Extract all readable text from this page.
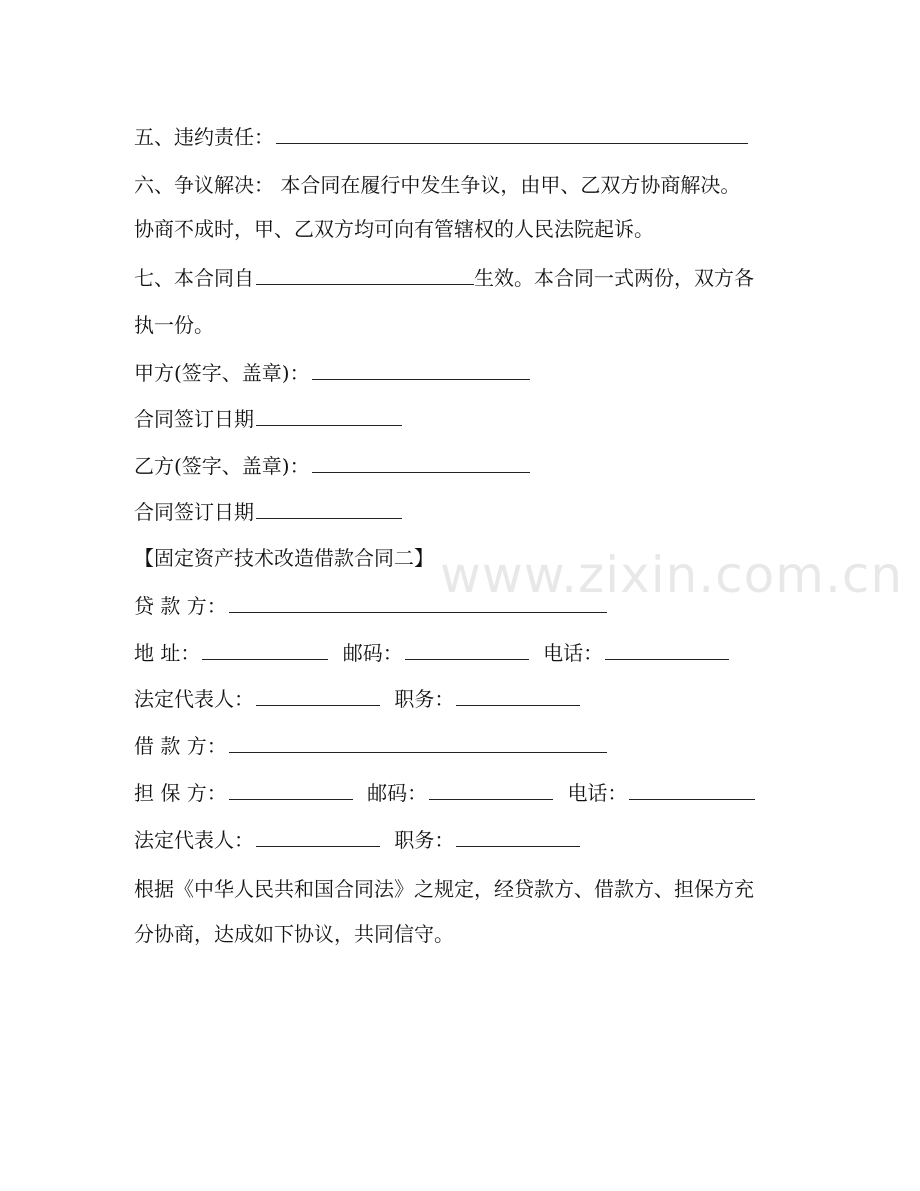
www.zixin.com.cn
五、违约责任：
六、争议解决： 本合同在履行中发生争议，由甲、乙双方协商解决。
协商不成时，甲、乙双方均可向有管辖权的人民法院起诉。
七、本合同自	生效。本合同一式两份，双方各
执一份。
甲方(签字、盖章)：
合同签订日期
乙方(签字、盖章)：
合同签订日期
【固定资产技术改造借款合同二】
贷 款 方：
地 址：	邮码：	电话：
法定代表人：	职务：
借 款 方：
担 保 方：	邮码：	电话：
法定代表人：	职务：
根据《中华人民共和国合同法》之规定，经贷款方、借款方、担保方充
分协商，达成如下协议，共同信守。
